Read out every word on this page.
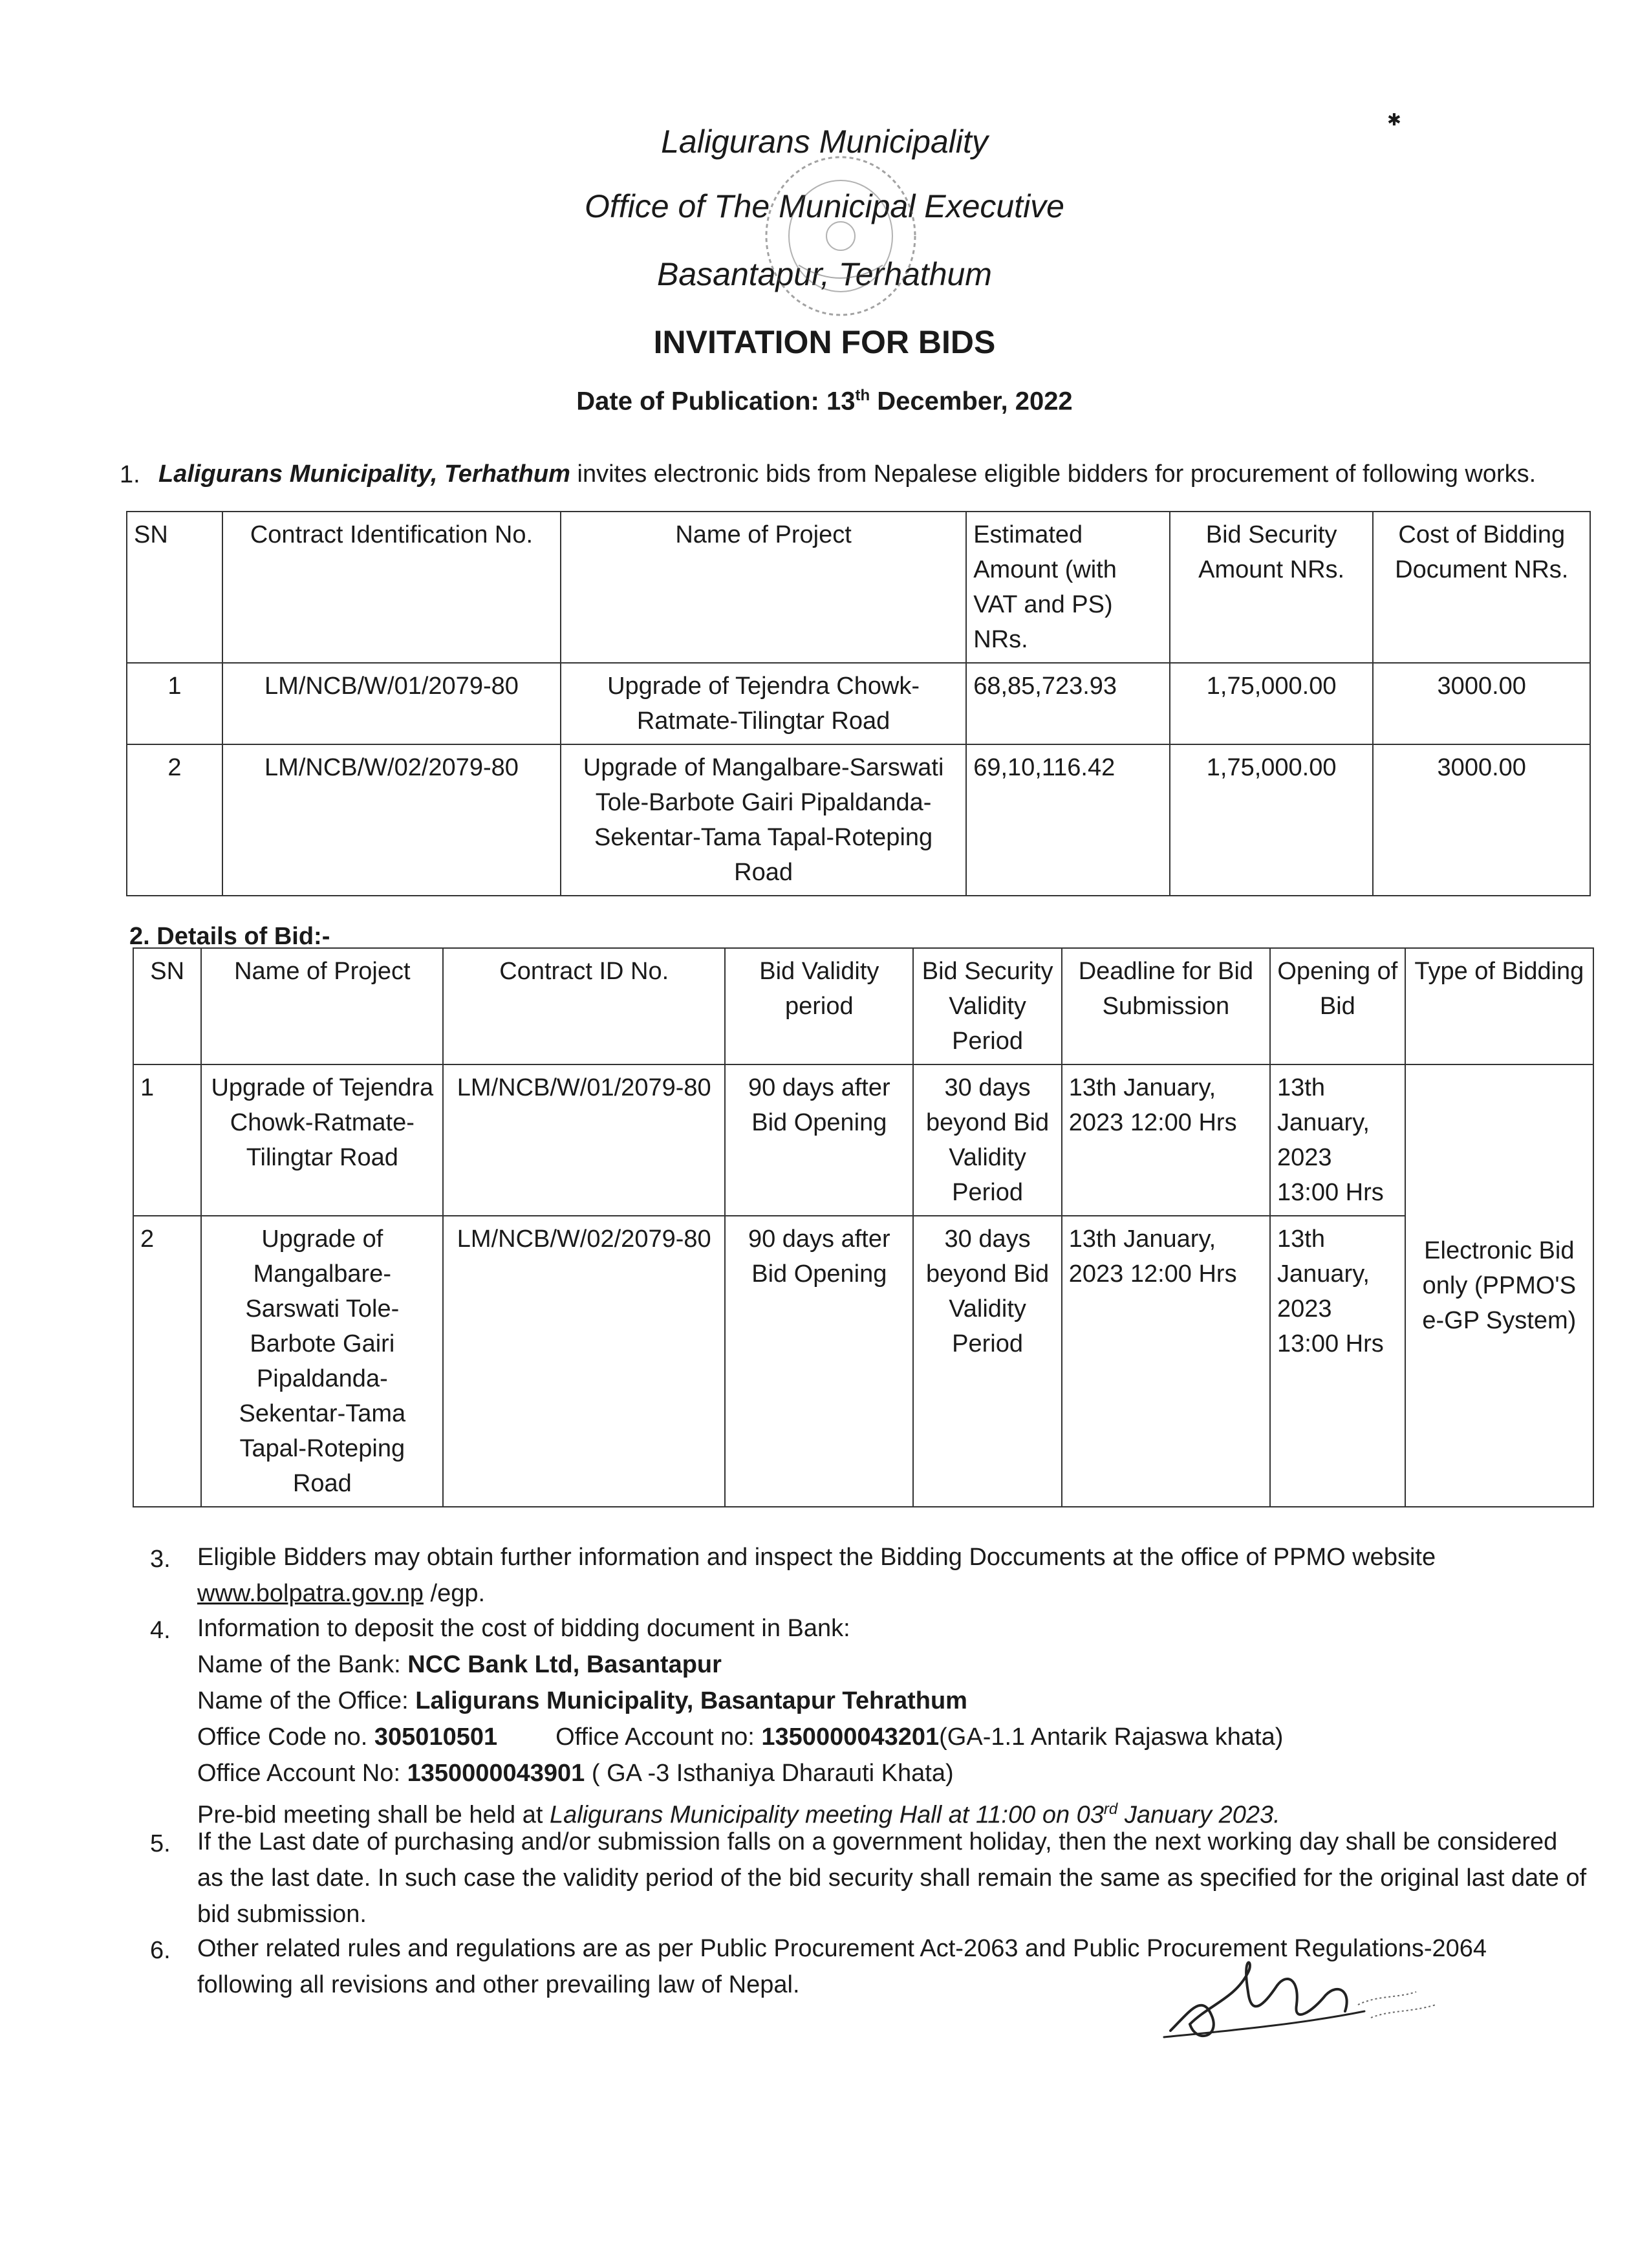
Laligurans Municipality
Office of The Municipal Executive
Basantapur, Terhathum
INVITATION FOR BIDS
Date of Publication: 13th December, 2022
✱
1. Laligurans Municipality, Terhathum invites electronic bids from Nepalese eligible bidders for procurement of following works.
SN	Contract Identification No.	Name of Project	Estimated Amount (with VAT and PS) NRs.	Bid Security Amount NRs.	Cost of Bidding Document NRs.
1	LM/NCB/W/01/2079-80	Upgrade of Tejendra Chowk-Ratmate-Tilingtar Road	68,85,723.93	1,75,000.00	3000.00
2	LM/NCB/W/02/2079-80	Upgrade of Mangalbare-Sarswati Tole-Barbote Gairi Pipaldanda-Sekentar-Tama Tapal-Roteping Road	69,10,116.42	1,75,000.00	3000.00
2. Details of Bid:-
SN	Name of Project	Contract ID No.	Bid Validity period	Bid Security Validity Period	Deadline for Bid Submission	Opening of Bid	Type of Bidding
1	Upgrade of Tejendra Chowk-Ratmate-Tilingtar Road	LM/NCB/W/01/2079-80	90 days after Bid Opening	30 days beyond Bid Validity Period	13th January, 2023 12:00 Hrs	13th January, 2023 13:00 Hrs	Electronic Bid only (PPMO'S e-GP System)
2	Upgrade of Mangalbare-Sarswati Tole-Barbote Gairi Pipaldanda-Sekentar-Tama Tapal-Roteping Road	LM/NCB/W/02/2079-80	90 days after Bid Opening	30 days beyond Bid Validity Period	13th January, 2023 12:00 Hrs	13th January, 2023 13:00 Hrs	
3. Eligible Bidders may obtain further information and inspect the Bidding Doccuments at the office of PPMO website www.bolpatra.gov.np /egp.
4. Information to deposit the cost of bidding document in Bank:
Name of the Bank: NCC Bank Ltd, Basantapur
Name of the Office: Laligurans Municipality, Basantapur Tehrathum
Office Code no. 305010501 Office Account no: 1350000043201(GA-1.1 Antarik Rajaswa khata)
Office Account No: 1350000043901 ( GA -3 Isthaniya Dharauti Khata)
Pre-bid meeting shall be held at Laligurans Municipality meeting Hall at 11:00 on 03rd January 2023.
5. If the Last date of purchasing and/or submission falls on a government holiday, then the next working day shall be considered as the last date. In such case the validity period of the bid security shall remain the same as specified for the original last date of bid submission.
6. Other related rules and regulations are as per Public Procurement Act-2063 and Public Procurement Regulations-2064 following all revisions and other prevailing law of Nepal.
